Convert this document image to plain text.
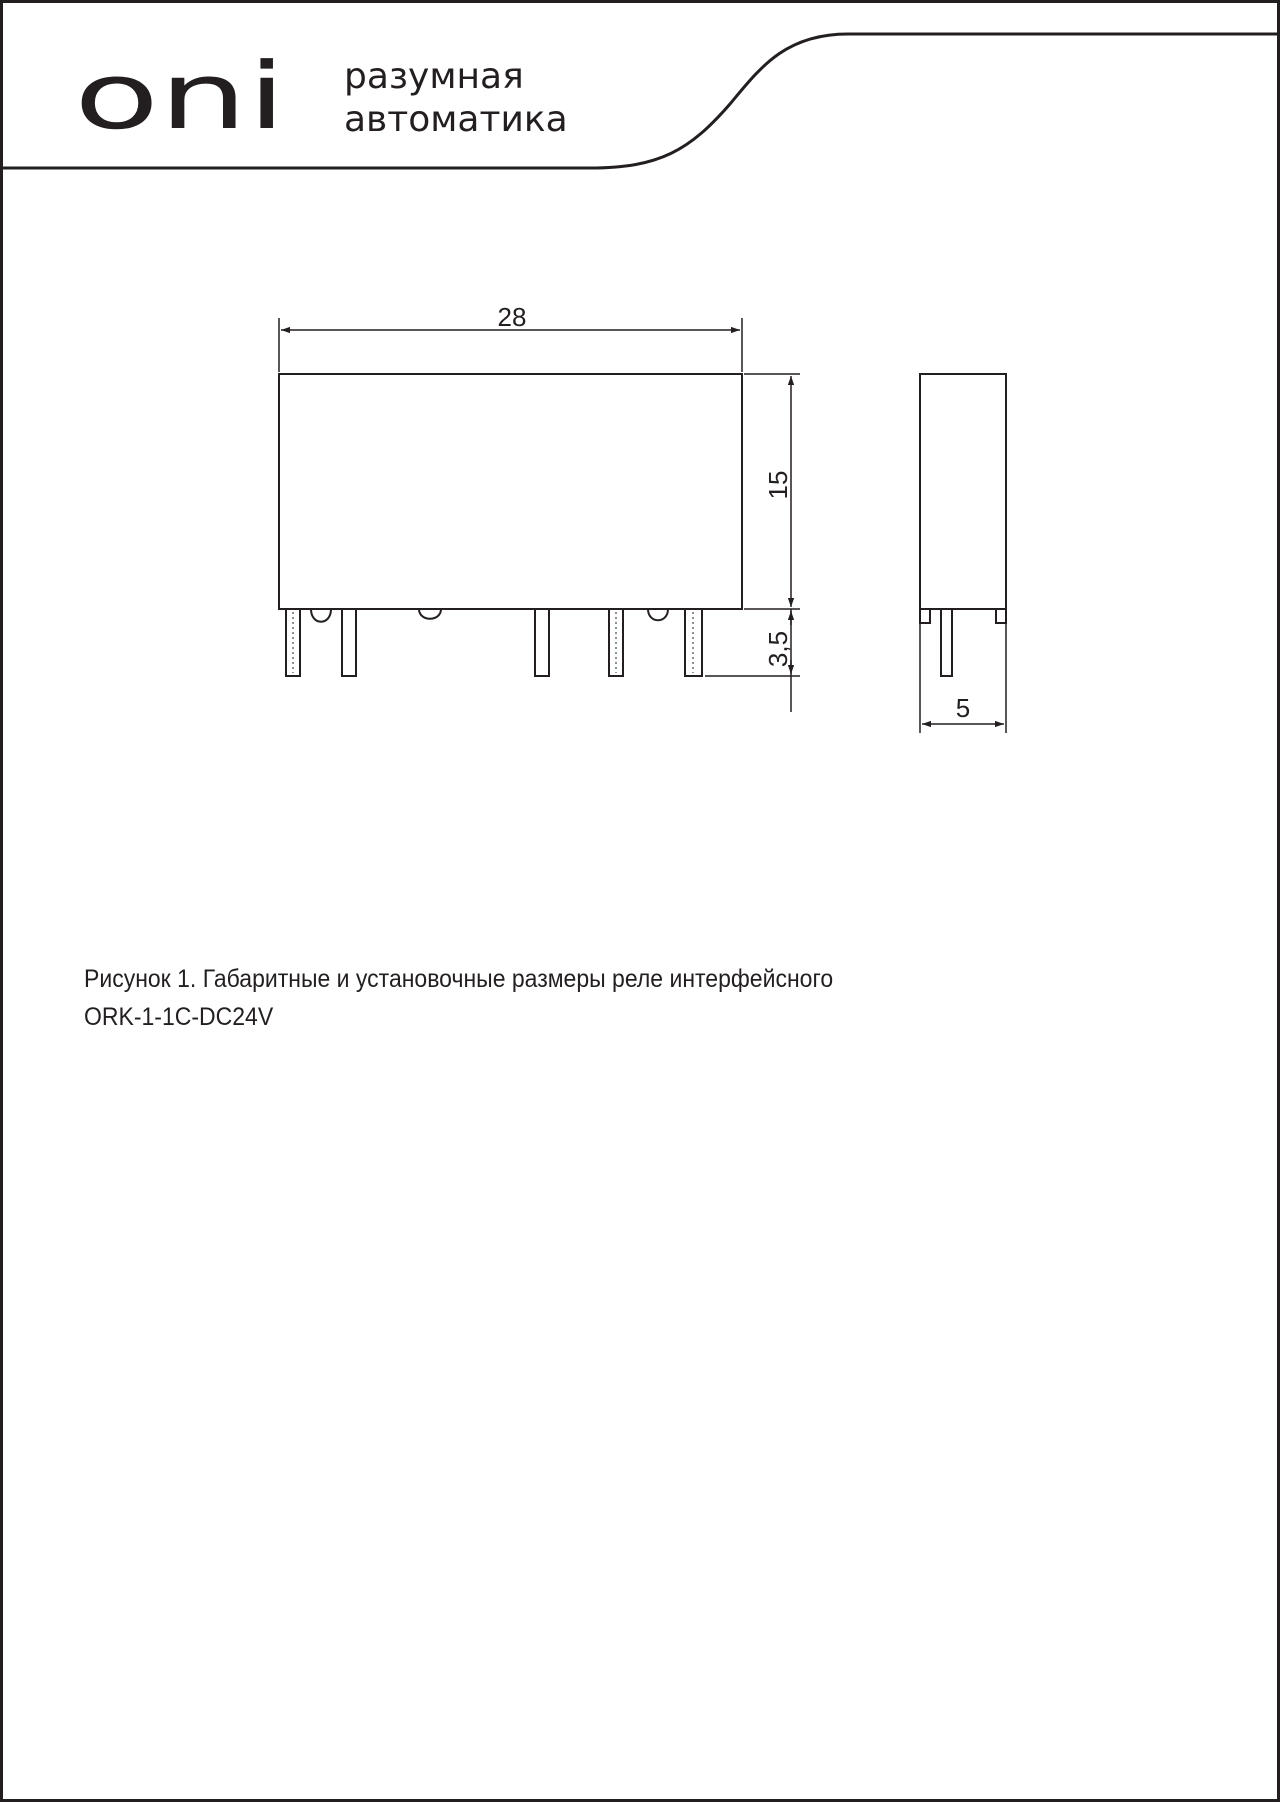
oni разумная
автоматика
28
15
3,5
5
Рисунок 1. Габаритные и установочные размеры реле интерфейсного
ORK-1-1C-DC24V
